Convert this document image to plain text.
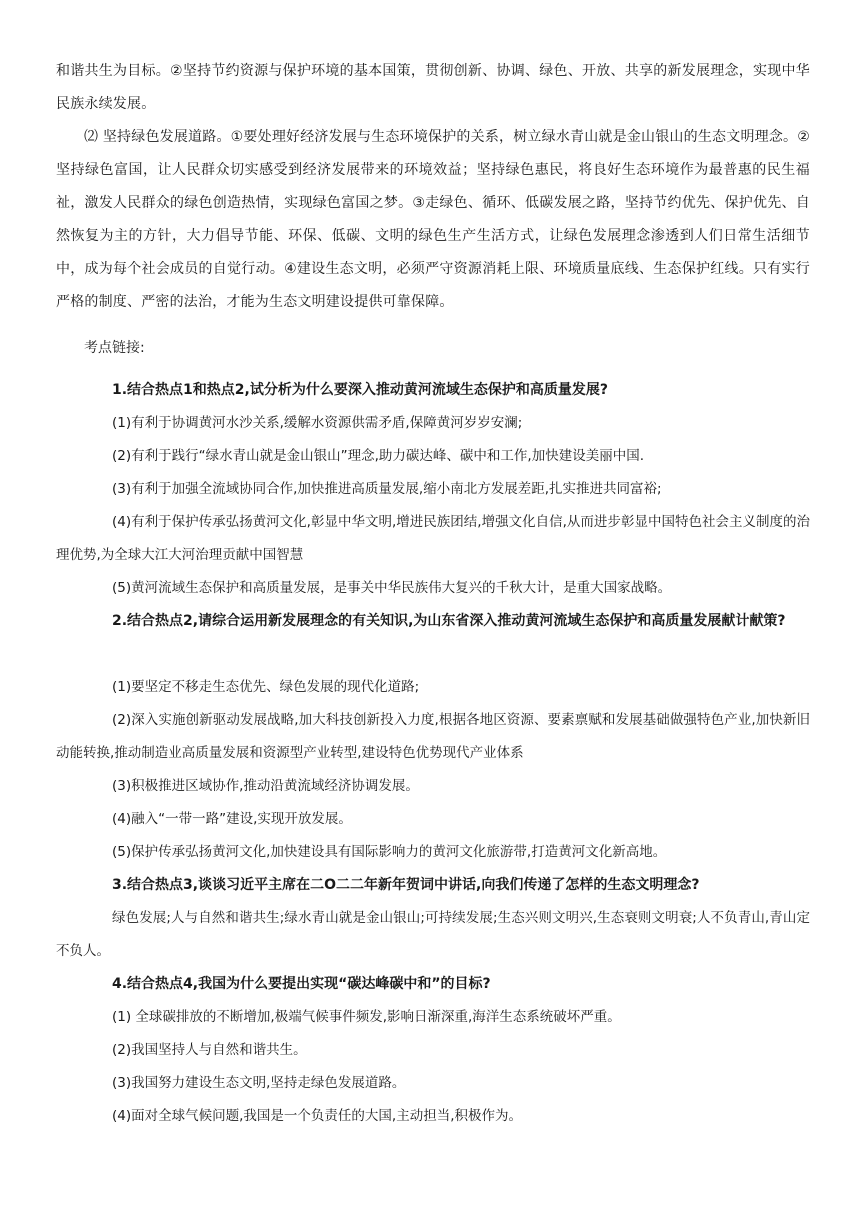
和谐共生为目标。②坚持节约资源与保护环境的基本国策，贯彻创新、协调、绿色、开放、共享的新发展理念，实现中华民族永续发展。
⑵ 坚持绿色发展道路。①要处理好经济发展与生态环境保护的关系，树立绿水青山就是金山银山的生态文明理念。②坚持绿色富国，让人民群众切实感受到经济发展带来的环境效益；坚持绿色惠民，将良好生态环境作为最普惠的民生福祉，激发人民群众的绿色创造热情，实现绿色富国之梦。③走绿色、循环、低碳发展之路，坚持节约优先、保护优先、自然恢复为主的方针，大力倡导节能、环保、低碳、文明的绿色生产生活方式，让绿色发展理念渗透到人们日常生活细节中，成为每个社会成员的自觉行动。④建设生态文明，必须严守资源消耗上限、环境质量底线、生态保护红线。只有实行严格的制度、严密的法治，才能为生态文明建设提供可靠保障。
考点链接:
1.结合热点1和热点2,试分析为什么要深入推动黄河流域生态保护和高质量发展?
(1)有利于协调黄河水沙关系,缓解水资源供需矛盾,保障黄河岁岁安澜;
(2)有利于践行“绿水青山就是金山银山”理念,助力碳达峰、碳中和工作,加快建设美丽中国.
(3)有利于加强全流域协同合作,加快推进高质量发展,缩小南北方发展差距,扎实推进共同富裕;
(4)有利于保护传承弘扬黄河文化,彰显中华文明,增进民族团结,增强文化自信,从而进步彰显中国特色社会主义制度的治理优势,为全球大江大河治理贡献中国智慧
(5)黄河流域生态保护和高质量发展，是事关中华民族伟大复兴的千秋大计，是重大国家战略。
2.结合热点2,请综合运用新发展理念的有关知识,为山东省深入推动黄河流域生态保护和高质量发展献计献策?
(1)要坚定不移走生态优先、绿色发展的现代化道路;
(2)深入实施创新驱动发展战略,加大科技创新投入力度,根据各地区资源、要素禀赋和发展基础做强特色产业,加快新旧动能转换,推动制造业高质量发展和资源型产业转型,建设特色优势现代产业体系
(3)积极推进区域协作,推动沿黄流域经济协调发展。
(4)融入“一带一路”建设,实现开放发展。
(5)保护传承弘扬黄河文化,加快建设具有国际影响力的黄河文化旅游带,打造黄河文化新高地。
3.结合热点3,谈谈习近平主席在二O二二年新年贺词中讲话,向我们传递了怎样的生态文明理念?
绿色发展;人与自然和谐共生;绿水青山就是金山银山;可持续发展;生态兴则文明兴,生态衰则文明衰;人不负青山,青山定不负人。
4.结合热点4,我国为什么要提出实现“碳达峰碳中和”的目标?
(1) 全球碳排放的不断增加,极端气候事件频发,影响日渐深重,海洋生态系统破坏严重。
(2)我国坚持人与自然和谐共生。
(3)我国努力建设生态文明,坚持走绿色发展道路。
(4)面对全球气候问题,我国是一个负责任的大国,主动担当,积极作为。
